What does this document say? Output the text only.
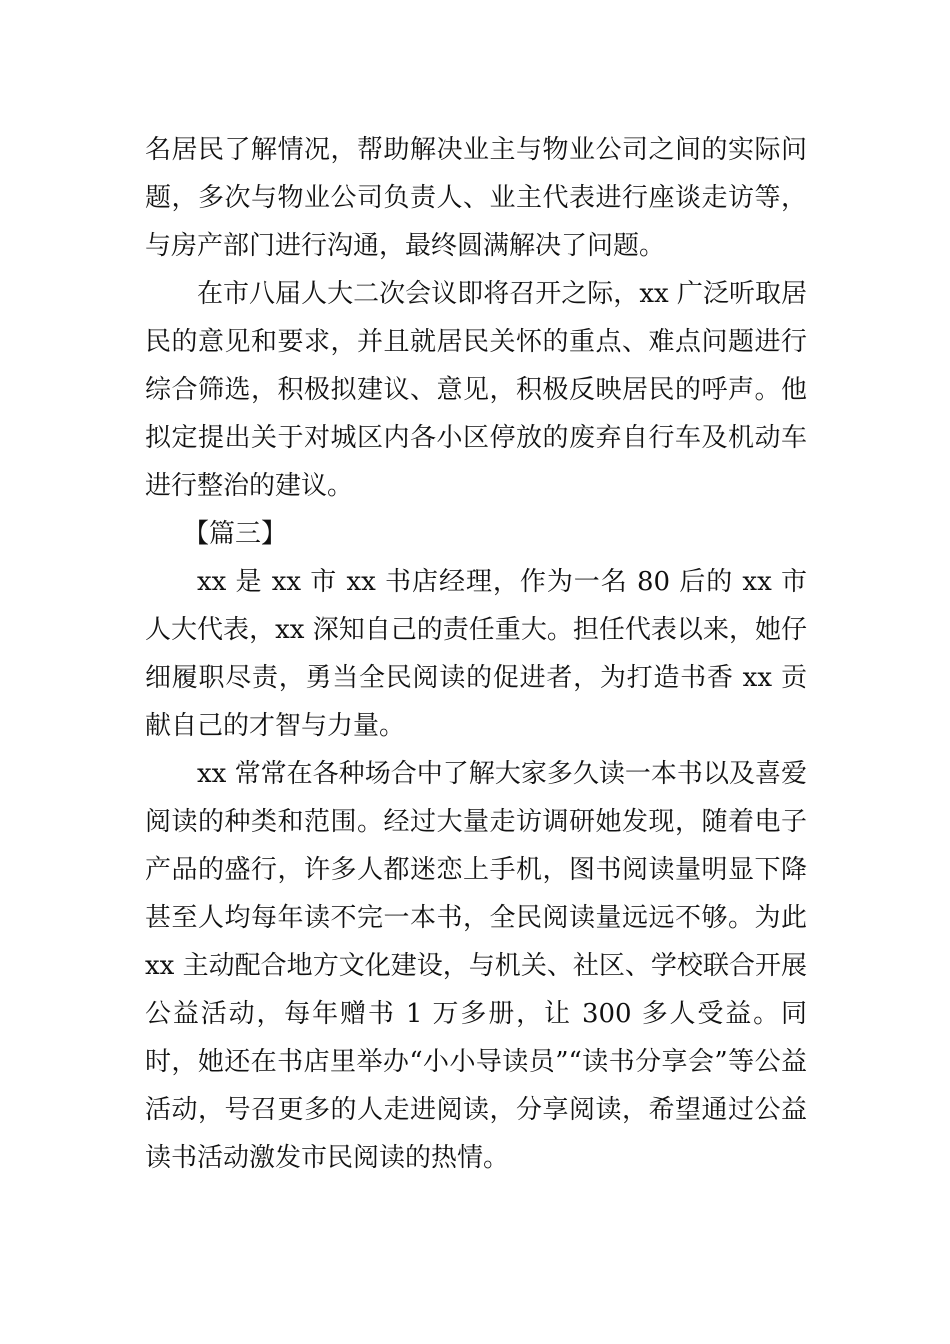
名居民了解情况，帮助解决业主与物业公司之间的实际问题，多次与物业公司负责人、业主代表进行座谈走访等，与房产部门进行沟通，最终圆满解决了问题。

在市八届人大二次会议即将召开之际，xx 广泛听取居民的意见和要求，并且就居民关怀的重点、难点问题进行综合筛选，积极拟建议、意见，积极反映居民的呼声。他拟定提出关于对城区内各小区停放的废弃自行车及机动车进行整治的建议。

【篇三】

xx 是 xx 市 xx 书店经理，作为一名 80 后的 xx 市人大代表，xx 深知自己的责任重大。担任代表以来，她仔细履职尽责，勇当全民阅读的促进者，为打造书香 xx 贡献自己的才智与力量。

xx 常常在各种场合中了解大家多久读一本书以及喜爱阅读的种类和范围。经过大量走访调研她发现，随着电子产品的盛行，许多人都迷恋上手机，图书阅读量明显下降甚至人均每年读不完一本书，全民阅读量远远不够。为此 xx 主动配合地方文化建设，与机关、社区、学校联合开展公益活动，每年赠书 1 万多册，让 300 多人受益。同时，她还在书店里举办“小小导读员”“读书分享会”等公益活动，号召更多的人走进阅读，分享阅读，希望通过公益读书活动激发市民阅读的热情。
